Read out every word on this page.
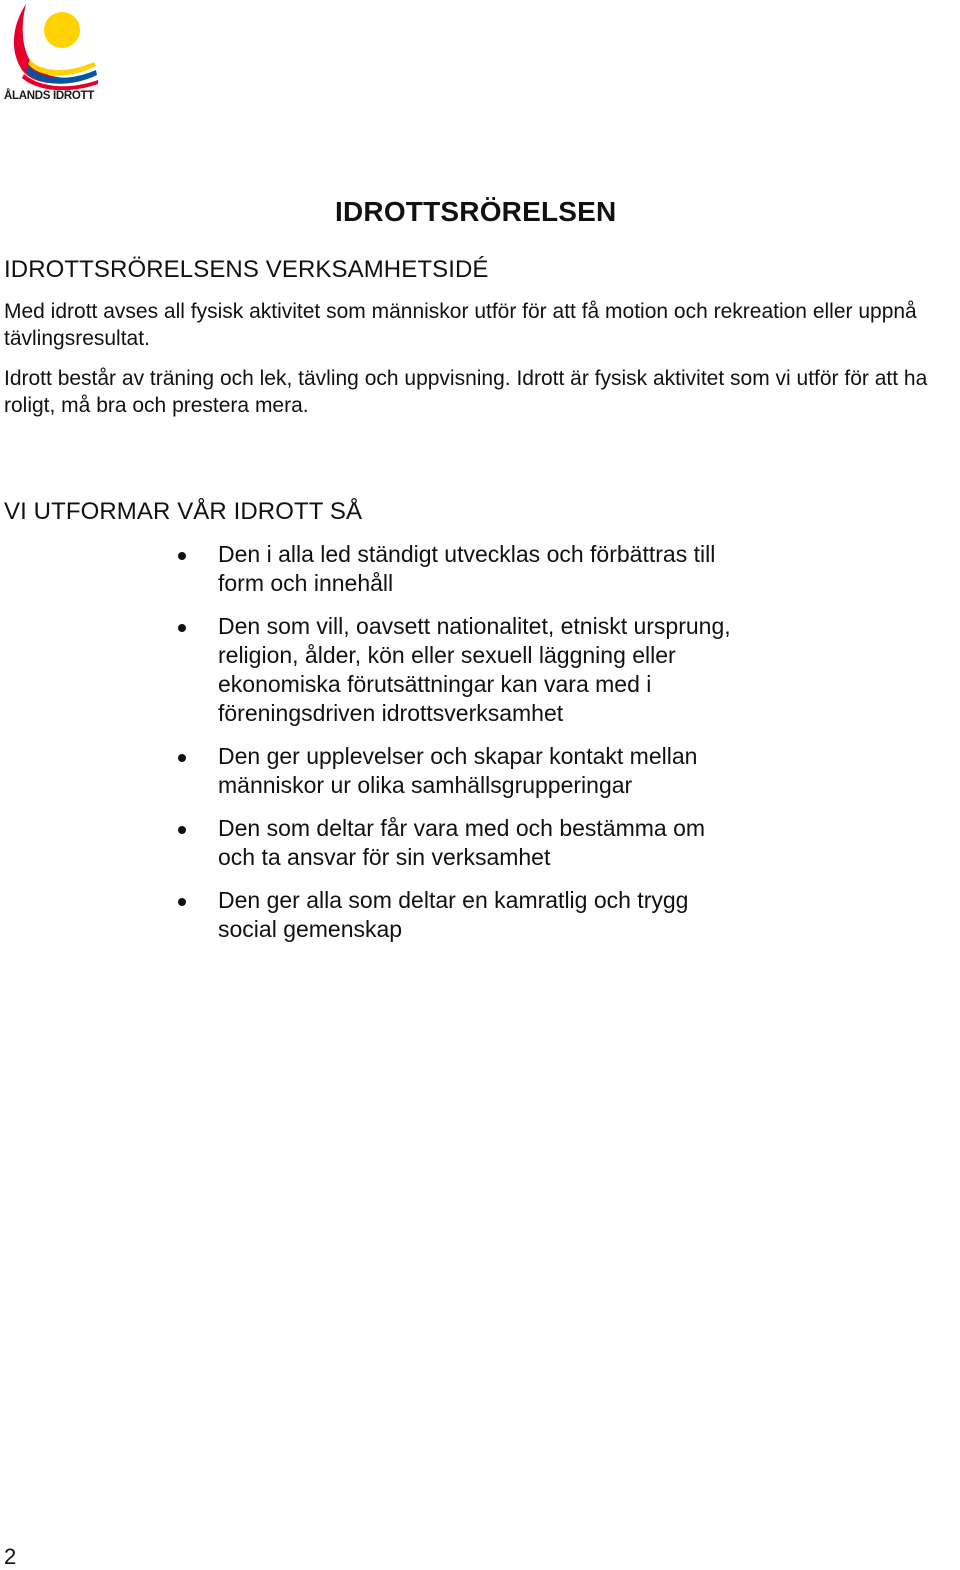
ÅLANDS IDROTT
IDROTTSRÖRELSEN
IDROTTSRÖRELSENS VERKSAMHETSIDÉ

Med idrott avses all fysisk aktivitet som människor utför för att få motion och rekreation eller uppnå tävlingsresultat.

Idrott består av träning och lek, tävling och uppvisning. Idrott är fysisk aktivitet som vi utför för att ha roligt, må bra och prestera mera.

VI UTFORMAR VÅR IDROTT SÅ
Den i alla led ständigt utvecklas och förbättras till form och innehåll
Den som vill, oavsett nationalitet, etniskt ursprung, religion, ålder, kön eller sexuell läggning eller ekonomiska förutsättningar kan vara med i föreningsdriven idrottsverksamhet
Den ger upplevelser och skapar kontakt mellan människor ur olika samhällsgrupperingar
Den som deltar får vara med och bestämma om och ta ansvar för sin verksamhet
Den ger alla som deltar en kamratlig och trygg social gemenskap
2
